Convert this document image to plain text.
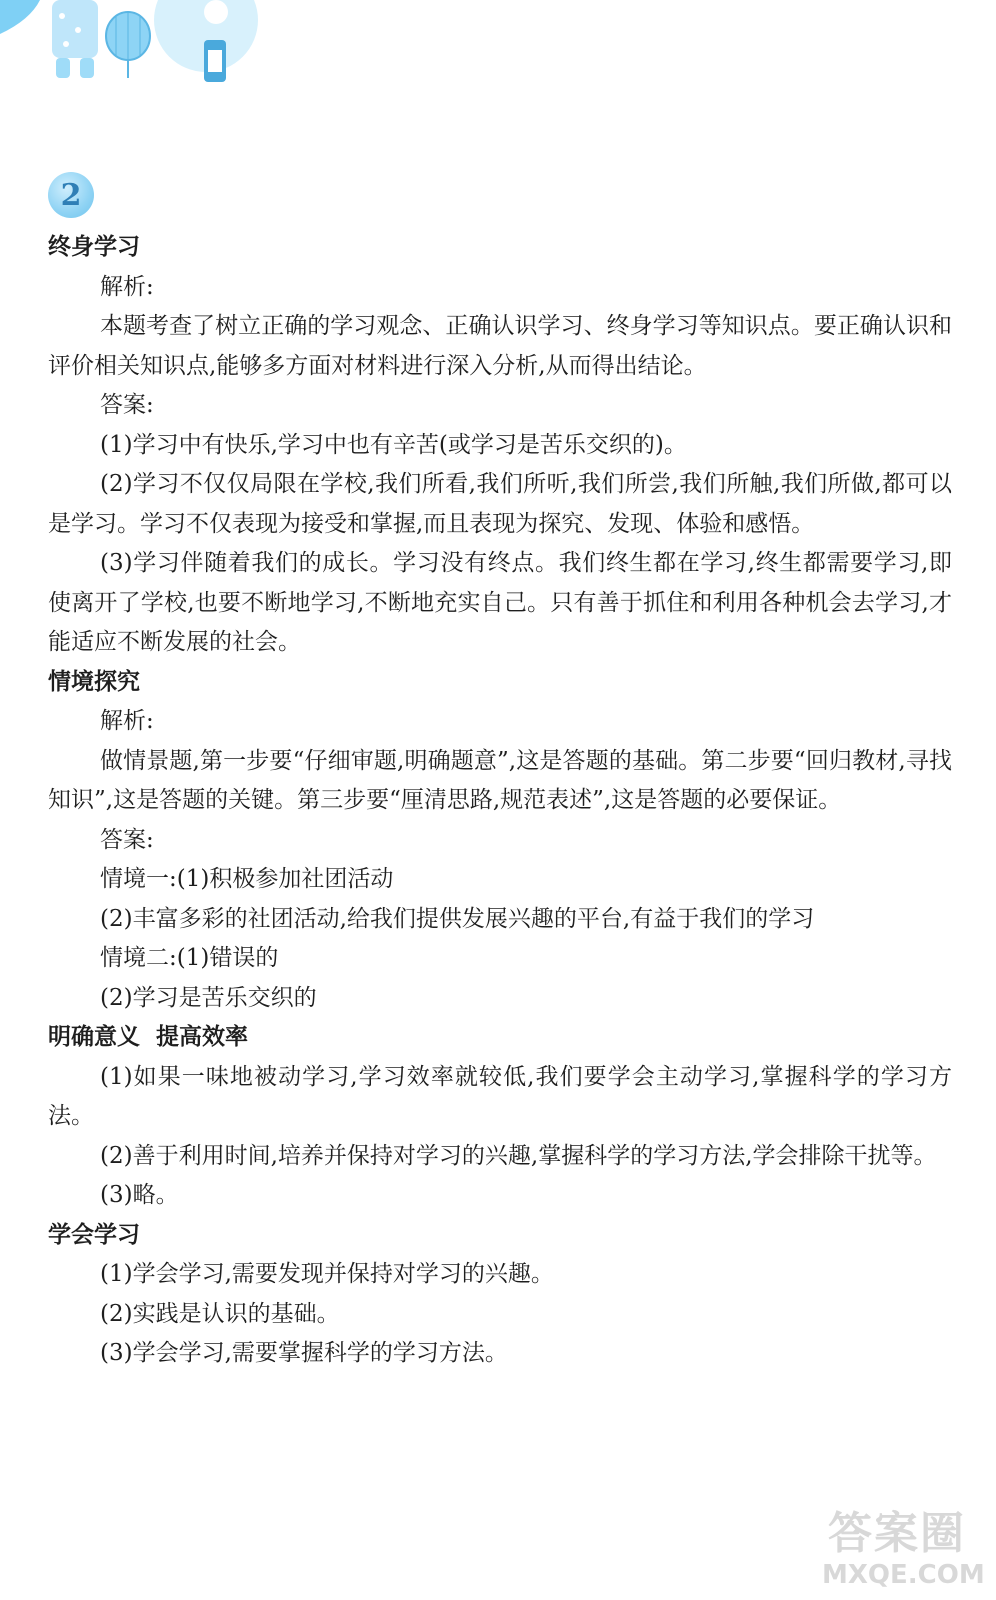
2
终身学习
解析:
本题考查了树立正确的学习观念、正确认识学习、终身学习等知识点。要正确认识和评价相关知识点,能够多方面对材料进行深入分析,从而得出结论。
答案:
(1)学习中有快乐,学习中也有辛苦(或学习是苦乐交织的)。
(2)学习不仅仅局限在学校,我们所看,我们所听,我们所尝,我们所触,我们所做,都可以是学习。学习不仅表现为接受和掌握,而且表现为探究、发现、体验和感悟。
(3)学习伴随着我们的成长。学习没有终点。我们终生都在学习,终生都需要学习,即使离开了学校,也要不断地学习,不断地充实自己。只有善于抓住和利用各种机会去学习,才能适应不断发展的社会。
情境探究
解析:
做情景题,第一步要“仔细审题,明确题意”,这是答题的基础。第二步要“回归教材,寻找知识”,这是答题的关键。第三步要“厘清思路,规范表述”,这是答题的必要保证。
答案:
情境一:(1)积极参加社团活动
(2)丰富多彩的社团活动,给我们提供发展兴趣的平台,有益于我们的学习
情境二:(1)错误的
(2)学习是苦乐交织的
明确意义  提高效率
(1)如果一味地被动学习,学习效率就较低,我们要学会主动学习,掌握科学的学习方法。
(2)善于利用时间,培养并保持对学习的兴趣,掌握科学的学习方法,学会排除干扰等。
(3)略。
学会学习
(1)学会学习,需要发现并保持对学习的兴趣。
(2)实践是认识的基础。
(3)学会学习,需要掌握科学的学习方法。
答案圈
MXQE.COM
